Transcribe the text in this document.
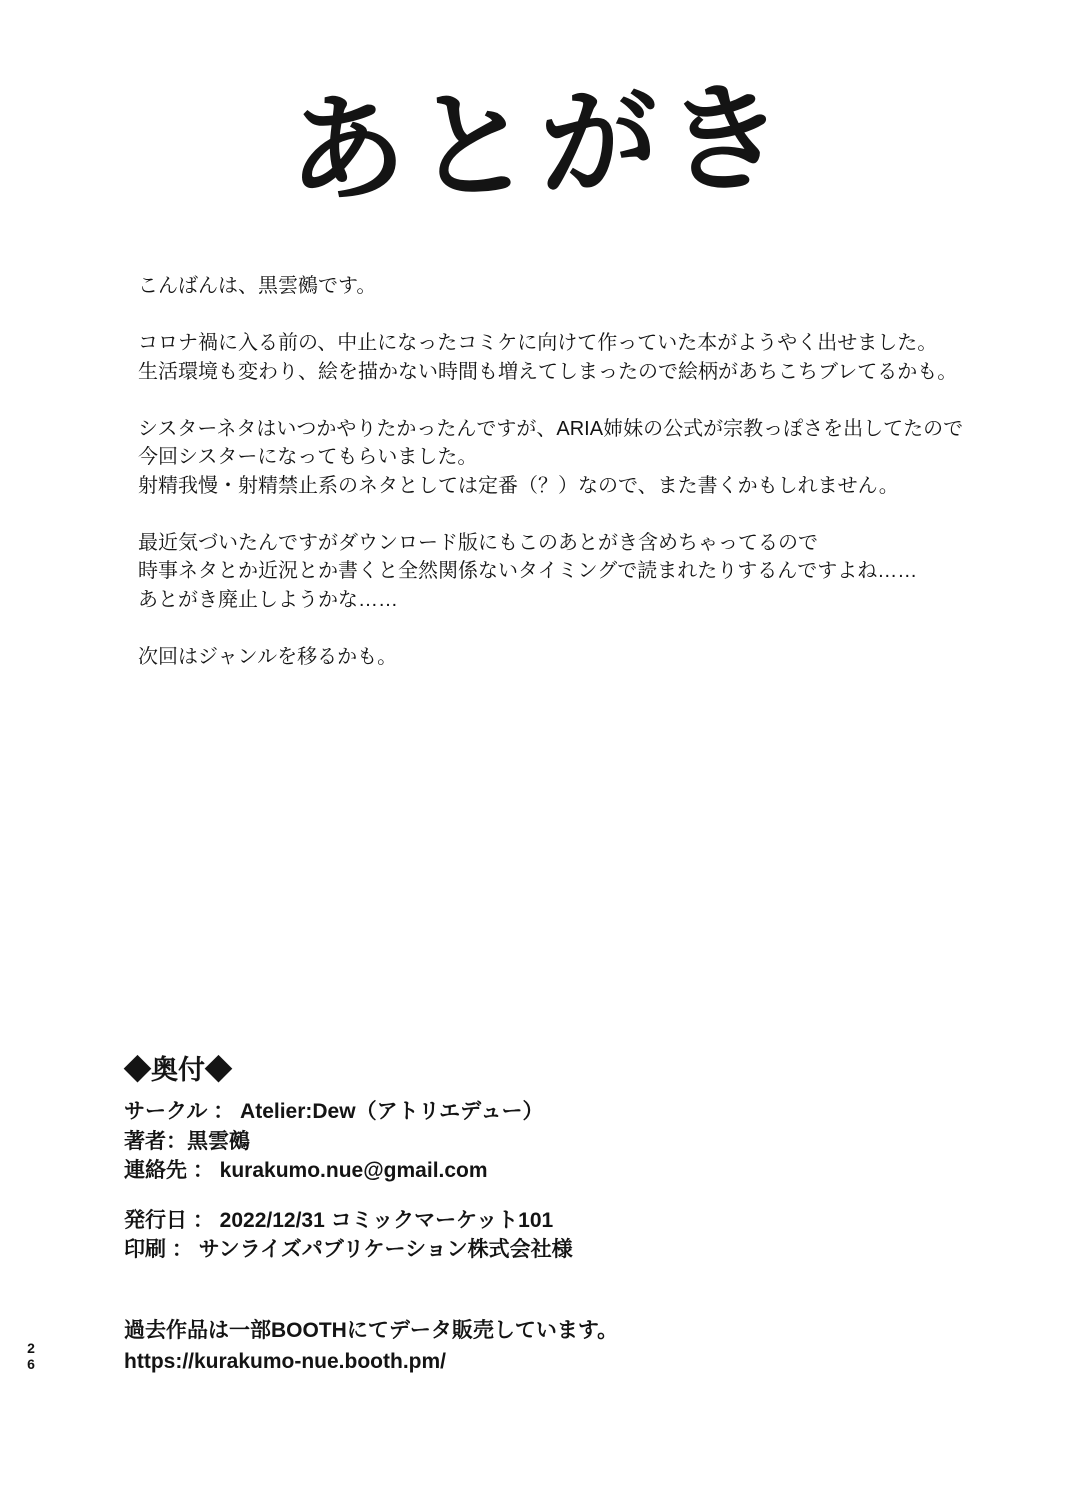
あとがき
こんばんは、黒雲鵺です。
コロナ禍に入る前の、中止になったコミケに向けて作っていた本がようやく出せました。
生活環境も変わり、絵を描かない時間も増えてしまったので絵柄があちこちブレてるかも。
シスターネタはいつかやりたかったんですが、ARIA姉妹の公式が宗教っぽさを出してたので
今回シスターになってもらいました。
射精我慢・射精禁止系のネタとしては定番（？）なので、また書くかもしれません。
最近気づいたんですがダウンロード版にもこのあとがき含めちゃってるので
時事ネタとか近況とか書くと全然関係ないタイミングで読まれたりするんですよね……
あとがき廃止しようかな……
次回はジャンルを移るかも。
◆奥付◆
サークル ： Atelier:Dew（アトリエデュー）
著者：黒雲鵺
連絡先 ： kurakumo.nue@gmail.com
発行日 ： 2022/12/31 コミックマーケット101
印刷 ： サンライズパブリケーション株式会社様
過去作品は一部BOOTHにてデータ販売しています。
https://kurakumo-nue.booth.pm/
26
